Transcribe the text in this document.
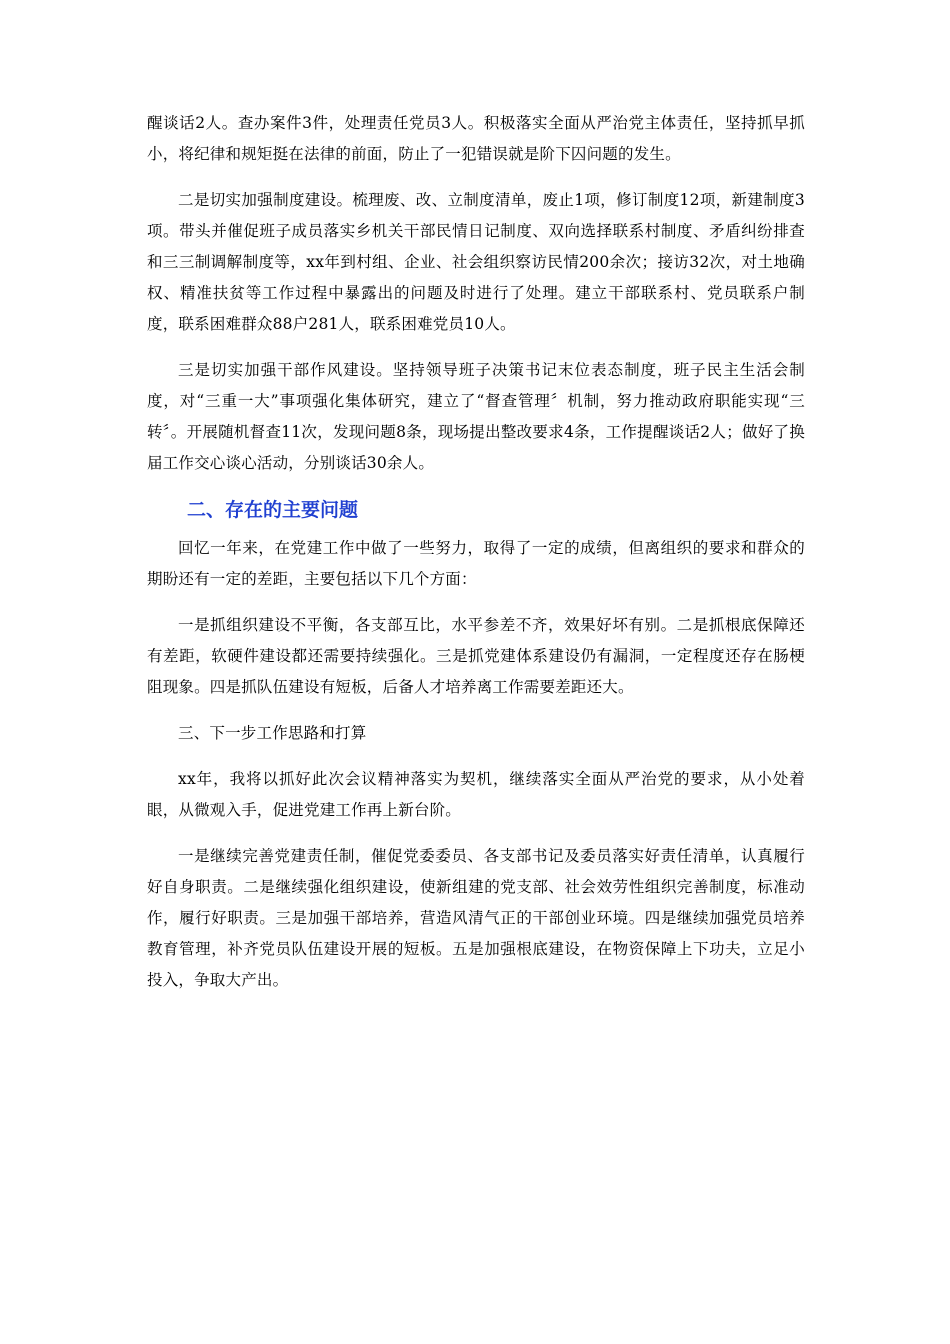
醒谈话2人。查办案件3件，处理责任党员3人。积极落实全面从严治党主体责任，坚持抓早抓小，将纪律和规矩挺在法律的前面，防止了一犯错误就是阶下囚问题的发生。

二是切实加强制度建设。梳理废、改、立制度清单，废止1项，修订制度12项，新建制度3项。带头并催促班子成员落实乡机关干部民情日记制度、双向选择联系村制度、矛盾纠纷排查和三三制调解制度等，xx年到村组、企业、社会组织察访民情200余次；接访32次，对土地确权、精准扶贫等工作过程中暴露出的问题及时进行了处理。建立干部联系村、党员联系户制度，联系困难群众88户281人，联系困难党员10人。

三是切实加强干部作风建设。坚持领导班子决策书记末位表态制度，班子民主生活会制度，对“三重一大”事项强化集体研究，建立了“督查管理〞机制，努力推动政府职能实现“三转〞。开展随机督查11次，发现问题8条，现场提出整改要求4条，工作提醒谈话2人；做好了换届工作交心谈心活动，分别谈话30余人。

二、存在的主要问题

回忆一年来，在党建工作中做了一些努力，取得了一定的成绩，但离组织的要求和群众的期盼还有一定的差距，主要包括以下几个方面：

一是抓组织建设不平衡，各支部互比，水平参差不齐，效果好坏有别。二是抓根底保障还有差距，软硬件建设都还需要持续强化。三是抓党建体系建设仍有漏洞，一定程度还存在肠梗阻现象。四是抓队伍建设有短板，后备人才培养离工作需要差距还大。

三、下一步工作思路和打算

xx年，我将以抓好此次会议精神落实为契机，继续落实全面从严治党的要求，从小处着眼，从微观入手，促进党建工作再上新台阶。

一是继续完善党建责任制，催促党委委员、各支部书记及委员落实好责任清单，认真履行好自身职责。二是继续强化组织建设，使新组建的党支部、社会效劳性组织完善制度，标准动作，履行好职责。三是加强干部培养，营造风清气正的干部创业环境。四是继续加强党员培养教育管理，补齐党员队伍建设开展的短板。五是加强根底建设，在物资保障上下功夫，立足小投入，争取大产出。
